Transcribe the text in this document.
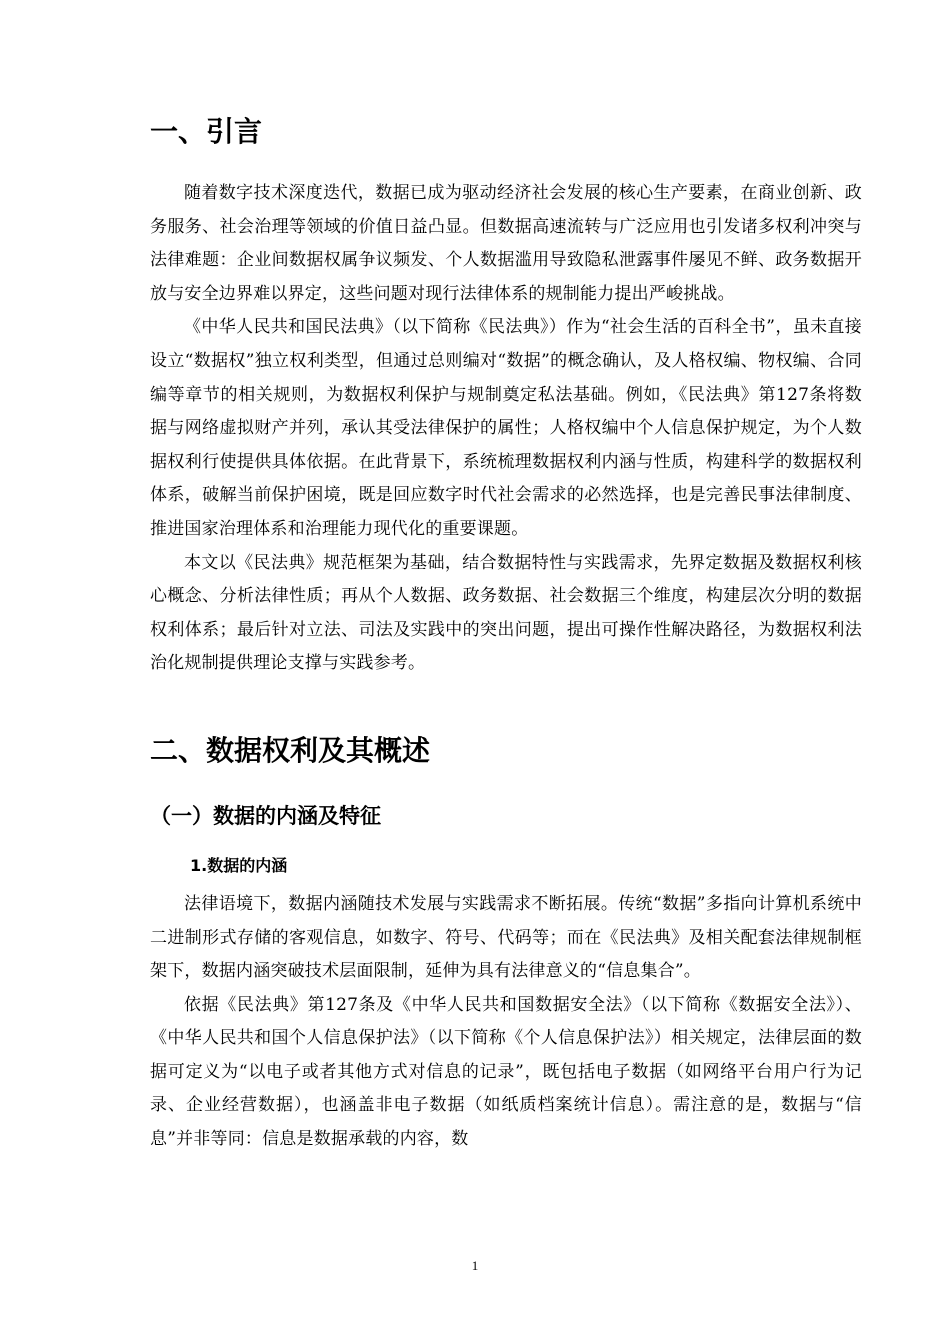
一、引言

随着数字技术深度迭代，数据已成为驱动经济社会发展的核心生产要素，在商业创新、政务服务、社会治理等领域的价值日益凸显。但数据高速流转与广泛应用也引发诸多权利冲突与法律难题：企业间数据权属争议频发、个人数据滥用导致隐私泄露事件屡见不鲜、政务数据开放与安全边界难以界定，这些问题对现行法律体系的规制能力提出严峻挑战。

《中华人民共和国民法典》（以下简称《民法典》）作为“社会生活的百科全书”，虽未直接设立“数据权”独立权利类型，但通过总则编对“数据”的概念确认，及人格权编、物权编、合同编等章节的相关规则，为数据权利保护与规制奠定私法基础。例如，《民法典》第127条将数据与网络虚拟财产并列，承认其受法律保护的属性；人格权编中个人信息保护规定，为个人数据权利行使提供具体依据。在此背景下，系统梳理数据权利内涵与性质，构建科学的数据权利体系，破解当前保护困境，既是回应数字时代社会需求的必然选择，也是完善民事法律制度、推进国家治理体系和治理能力现代化的重要课题。

本文以《民法典》规范框架为基础，结合数据特性与实践需求，先界定数据及数据权利核心概念、分析法律性质；再从个人数据、政务数据、社会数据三个维度，构建层次分明的数据权利体系；最后针对立法、司法及实践中的突出问题，提出可操作性解决路径，为数据权利法治化规制提供理论支撑与实践参考。

二、数据权利及其概述
（一）数据的内涵及特征
1.数据的内涵

法律语境下，数据内涵随技术发展与实践需求不断拓展。传统“数据”多指向计算机系统中二进制形式存储的客观信息，如数字、符号、代码等；而在《民法典》及相关配套法律规制框架下，数据内涵突破技术层面限制，延伸为具有法律意义的“信息集合”。

依据《民法典》第127条及《中华人民共和国数据安全法》（以下简称《数据安全法》）、《中华人民共和国个人信息保护法》（以下简称《个人信息保护法》）相关规定，法律层面的数据可定义为“以电子或者其他方式对信息的记录”，既包括电子数据（如网络平台用户行为记录、企业经营数据），也涵盖非电子数据（如纸质档案统计信息）。需注意的是，数据与“信息”并非等同：信息是数据承载的内容，数

1
